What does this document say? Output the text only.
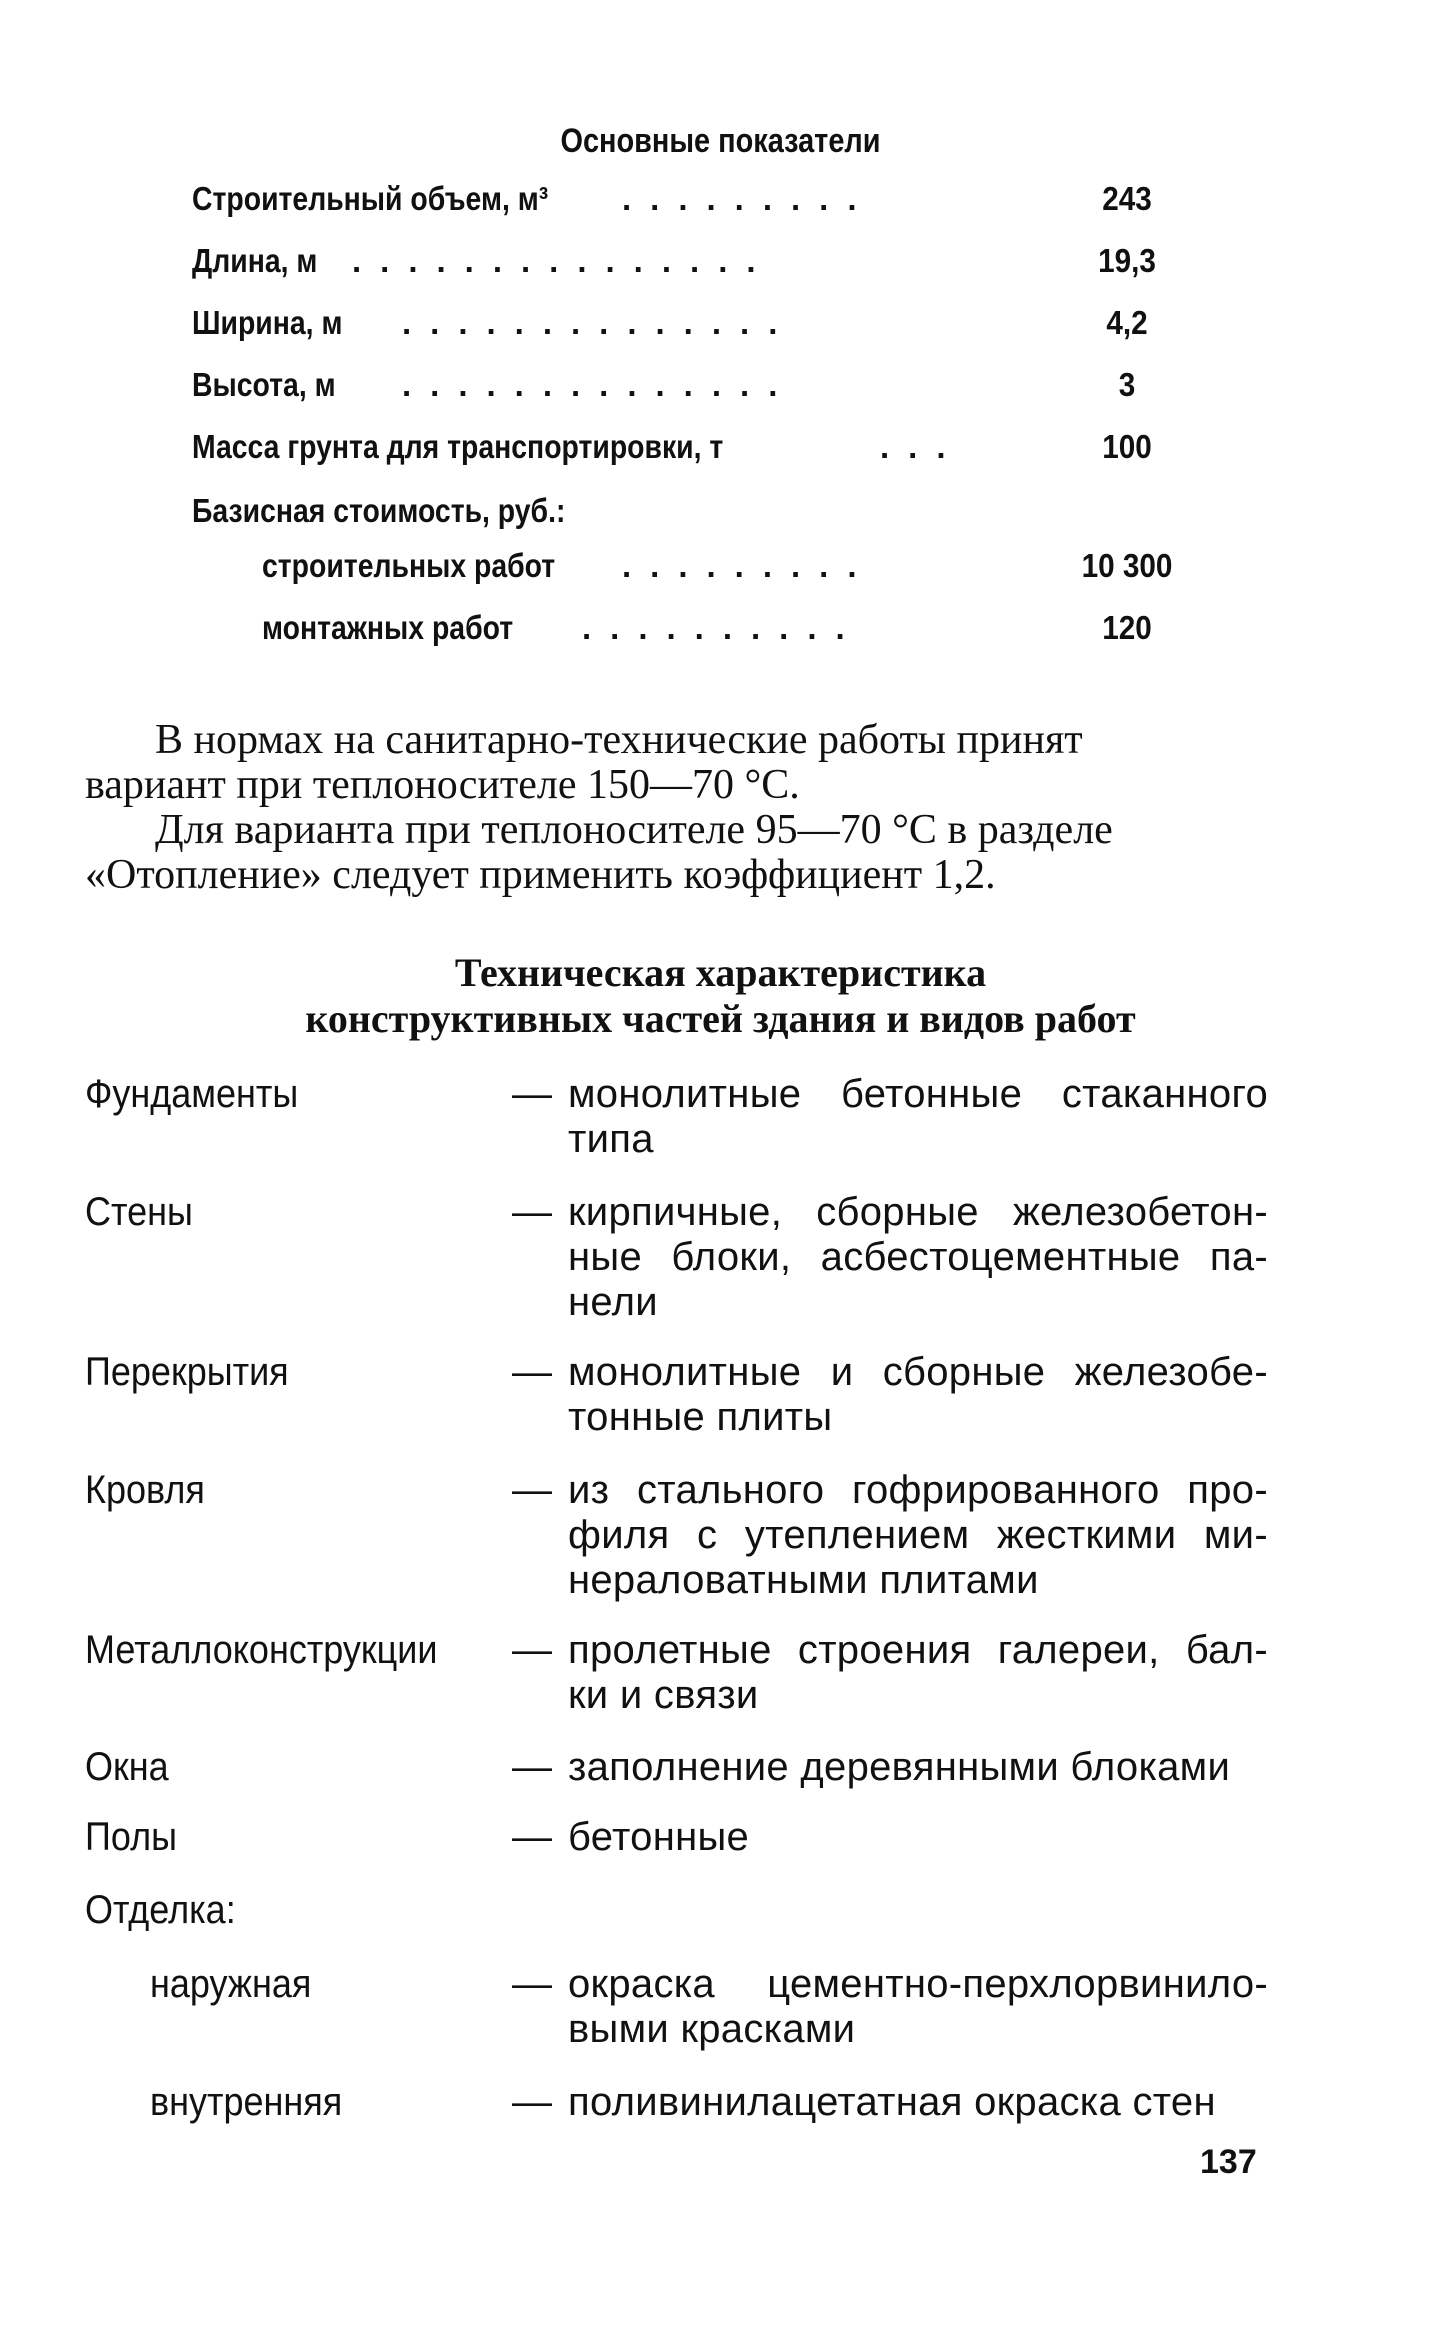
Основные показатели
Строительный объем, м³ .........	243
Длина, м ...............	19,3
Ширина, м ..............	4,2
Высота, м ..............	3
Масса грунта для транспортировки, т	...	100
Базисная стоимость, руб.:
строительных работ .........	10 300
монтажных работ ..........	120
В нормах на санитарно-технические работы принят
вариант при теплоносителе 150—70 °С.
Для варианта при теплоносителе 95—70 °С в разделе
«Отопление» следует применить коэффициент 1,2.
Техническая характеристика
конструктивных частей здания и видов работ
Фундаменты	— монолитные бетонные стаканного
типа
Стены	— кирпичные, сборные железобетон-
ные блоки, асбестоцементные па-
нели
Перекрытия	— монолитные и сборные железобе-
тонные плиты
Кровля	— из стального гофрированного про-
филя с утеплением жесткими ми-
нераловатными плитами
Металлоконструкции — пролетные строения галереи, бал-
ки и связи
Окна	— заполнение деревянными блоками
Полы	— бетонные
Отделка:
наружная	— окраска цементно-перхлорвинило-
выми красками
внутренняя	— поливинилацетатная окраска стен
137
